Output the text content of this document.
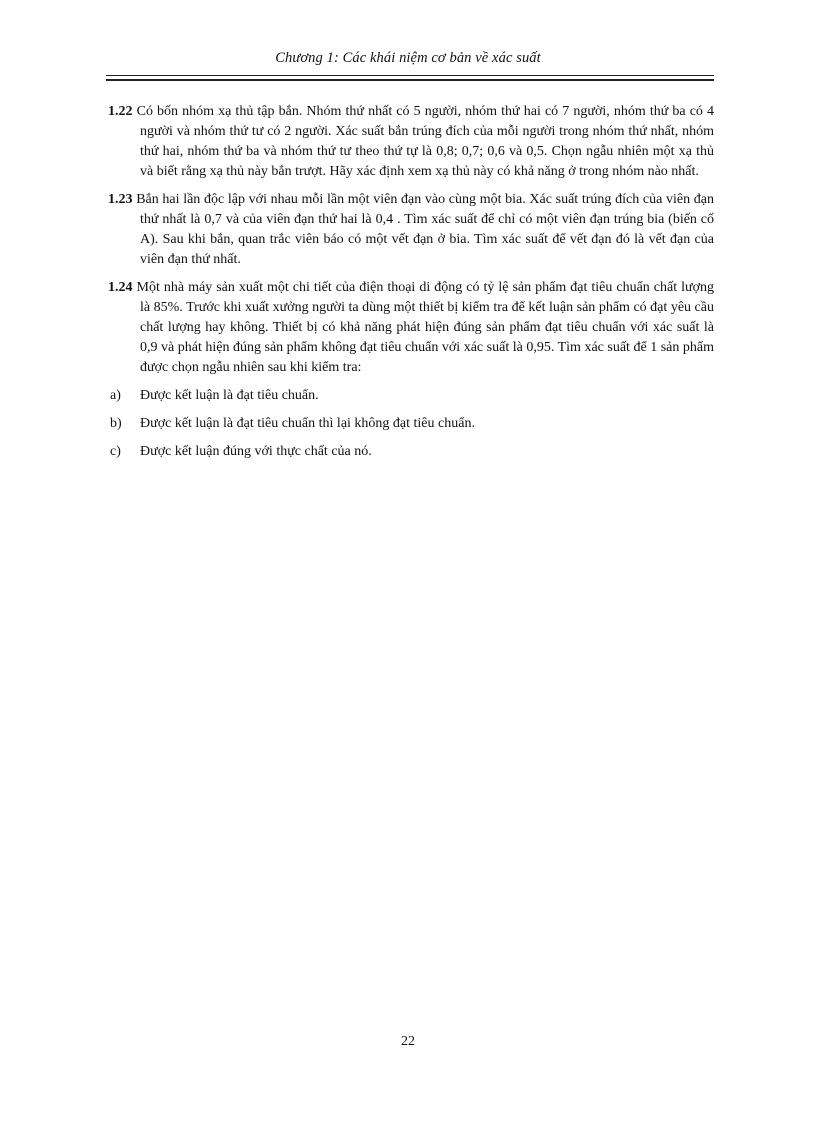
Chương 1: Các khái niệm cơ bản về xác suất

1.22 Có bốn nhóm xạ thủ tập bắn. Nhóm thứ nhất có 5 người, nhóm thứ hai có 7 người, nhóm thứ ba có 4 người và nhóm thứ tư có 2 người. Xác suất bắn trúng đích của mỗi người trong nhóm thứ nhất, nhóm thứ hai, nhóm thứ ba và nhóm thứ tư theo thứ tự là 0,8; 0,7; 0,6 và 0,5. Chọn ngẫu nhiên một xạ thủ và biết rằng xạ thủ này bắn trượt. Hãy xác định xem xạ thủ này có khả năng ở trong nhóm nào nhất.

1.23 Bắn hai lần độc lập với nhau mỗi lần một viên đạn vào cùng một bia. Xác suất trúng đích của viên đạn thứ nhất là 0,7 và của viên đạn thứ hai là 0,4 . Tìm xác suất để chỉ có một viên đạn trúng bia (biến cố A). Sau khi bắn, quan trắc viên báo có một vết đạn ở bia. Tìm xác suất để vết đạn đó là vết đạn của viên đạn thứ nhất.

1.24 Một nhà máy sản xuất một chi tiết của điện thoại di động có tỷ lệ sản phẩm đạt tiêu chuẩn chất lượng là 85%. Trước khi xuất xưởng người ta dùng một thiết bị kiểm tra để kết luận sản phẩm có đạt yêu cầu chất lượng hay không. Thiết bị có khả năng phát hiện đúng sản phẩm đạt tiêu chuẩn với xác suất là 0,9 và phát hiện đúng sản phẩm không đạt tiêu chuẩn với xác suất là 0,95. Tìm xác suất để 1 sản phẩm được chọn ngẫu nhiên sau khi kiểm tra:

a)	Được kết luận là đạt tiêu chuẩn.
b)	Được kết luận là đạt tiêu chuẩn thì lại không đạt tiêu chuẩn.
c)	Được kết luận đúng với thực chất của nó.
22
